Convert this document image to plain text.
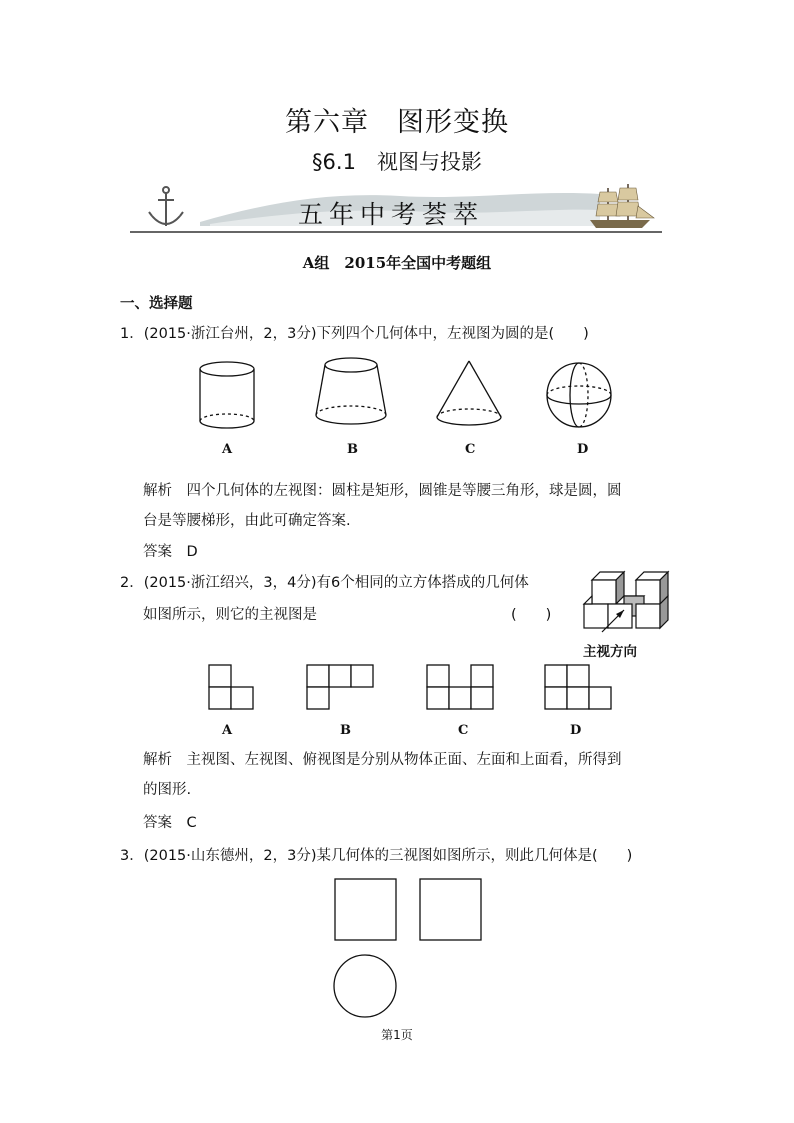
第六章　图形变换
§6.1　视图与投影
五年中考荟萃
A组　2015年全国中考题组
一、选择题
1．(2015·浙江台州，2，3分)下列四个几何体中，左视图为圆的是(　　)
A	B	C	D
解析　四个几何体的左视图：圆柱是矩形，圆锥是等腰三角形，球是圆，圆
台是等腰梯形，由此可确定答案.
答案　D
2．(2015·浙江绍兴，3，4分)有6个相同的立方体搭成的几何体
如图所示，则它的主视图是	(　　)
主视方向
A	B	C	D
解析　主视图、左视图、俯视图是分别从物体正面、左面和上面看，所得到
的图形.
答案　C
3．(2015·山东德州，2，3分)某几何体的三视图如图所示，则此几何体是(　　)
第1页
